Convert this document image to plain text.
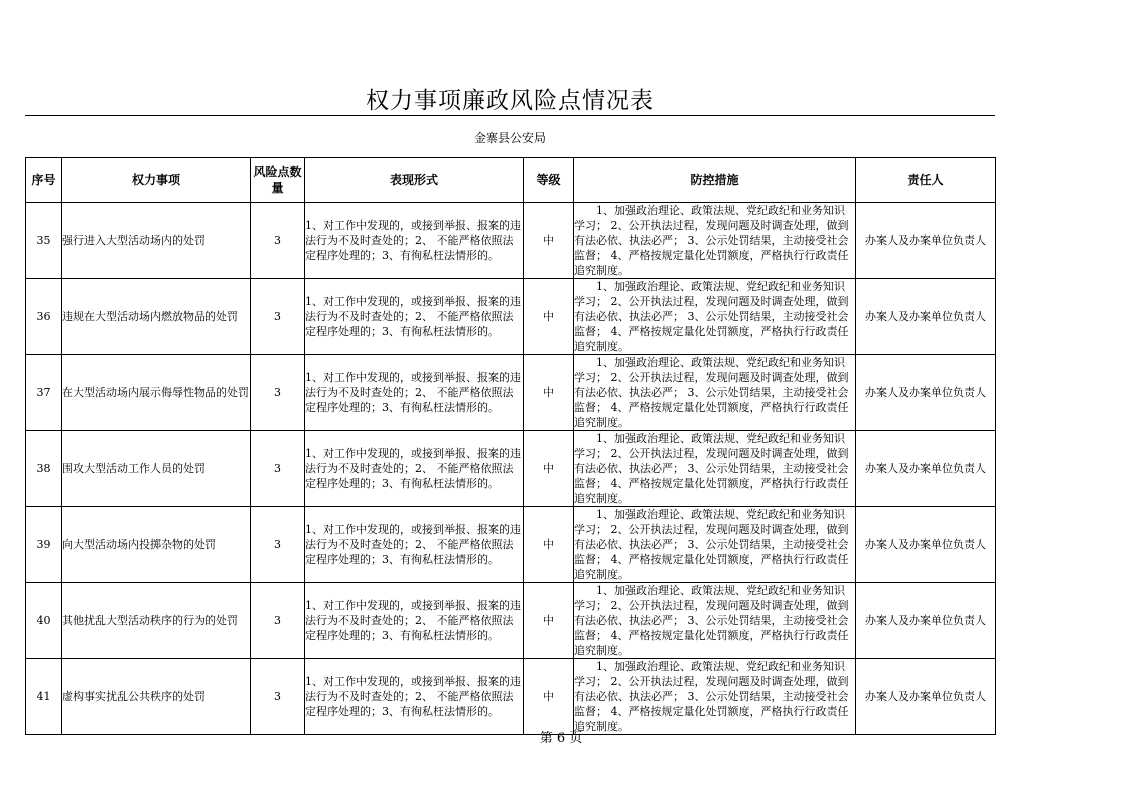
权力事项廉政风险点情况表
金寨县公安局
序号	权力事项	风险点数量	表现形式	等级	防控措施	责任人
35	强行进入大型活动场内的处罚	3	1、对工作中发现的，或接到举报、报案的违法行为不及时查处的；2、 不能严格依照法定程序处理的；3、有徇私枉法情形的。	中	　　1、加强政治理论、政策法规、党纪政纪和业务知识学习； 2、公开执法过程，发现问题及时调查处理，做到有法必依、执法必严； 3、公示处罚结果，主动接受社会监督； 4、严格按规定量化处罚额度，严格执行行政责任追究制度。	办案人及办案单位负责人
36	违规在大型活动场内燃放物品的处罚	3	1、对工作中发现的，或接到举报、报案的违法行为不及时查处的；2、 不能严格依照法定程序处理的；3、有徇私枉法情形的。	中	　　1、加强政治理论、政策法规、党纪政纪和业务知识学习； 2、公开执法过程，发现问题及时调查处理，做到有法必依、执法必严； 3、公示处罚结果，主动接受社会监督； 4、严格按规定量化处罚额度，严格执行行政责任追究制度。	办案人及办案单位负责人
37	在大型活动场内展示侮辱性物品的处罚	3	1、对工作中发现的，或接到举报、报案的违法行为不及时查处的；2、 不能严格依照法定程序处理的；3、有徇私枉法情形的。	中	　　1、加强政治理论、政策法规、党纪政纪和业务知识学习； 2、公开执法过程，发现问题及时调查处理，做到有法必依、执法必严； 3、公示处罚结果，主动接受社会监督； 4、严格按规定量化处罚额度，严格执行行政责任追究制度。	办案人及办案单位负责人
38	围攻大型活动工作人员的处罚	3	1、对工作中发现的，或接到举报、报案的违法行为不及时查处的；2、 不能严格依照法定程序处理的；3、有徇私枉法情形的。	中	　　1、加强政治理论、政策法规、党纪政纪和业务知识学习； 2、公开执法过程，发现问题及时调查处理，做到有法必依、执法必严； 3、公示处罚结果，主动接受社会监督； 4、严格按规定量化处罚额度，严格执行行政责任追究制度。	办案人及办案单位负责人
39	向大型活动场内投掷杂物的处罚	3	1、对工作中发现的，或接到举报、报案的违法行为不及时查处的；2、 不能严格依照法定程序处理的；3、有徇私枉法情形的。	中	　　1、加强政治理论、政策法规、党纪政纪和业务知识学习； 2、公开执法过程，发现问题及时调查处理，做到有法必依、执法必严； 3、公示处罚结果，主动接受社会监督； 4、严格按规定量化处罚额度，严格执行行政责任追究制度。	办案人及办案单位负责人
40	其他扰乱大型活动秩序的行为的处罚	3	1、对工作中发现的，或接到举报、报案的违法行为不及时查处的；2、 不能严格依照法定程序处理的；3、有徇私枉法情形的。	中	　　1、加强政治理论、政策法规、党纪政纪和业务知识学习； 2、公开执法过程，发现问题及时调查处理，做到有法必依、执法必严； 3、公示处罚结果，主动接受社会监督； 4、严格按规定量化处罚额度，严格执行行政责任追究制度。	办案人及办案单位负责人
41	虚构事实扰乱公共秩序的处罚	3	1、对工作中发现的，或接到举报、报案的违法行为不及时查处的；2、 不能严格依照法定程序处理的；3、有徇私枉法情形的。	中	　　1、加强政治理论、政策法规、党纪政纪和业务知识学习； 2、公开执法过程，发现问题及时调查处理，做到有法必依、执法必严； 3、公示处罚结果，主动接受社会监督； 4、严格按规定量化处罚额度，严格执行行政责任追究制度。	办案人及办案单位负责人
第 6 页
